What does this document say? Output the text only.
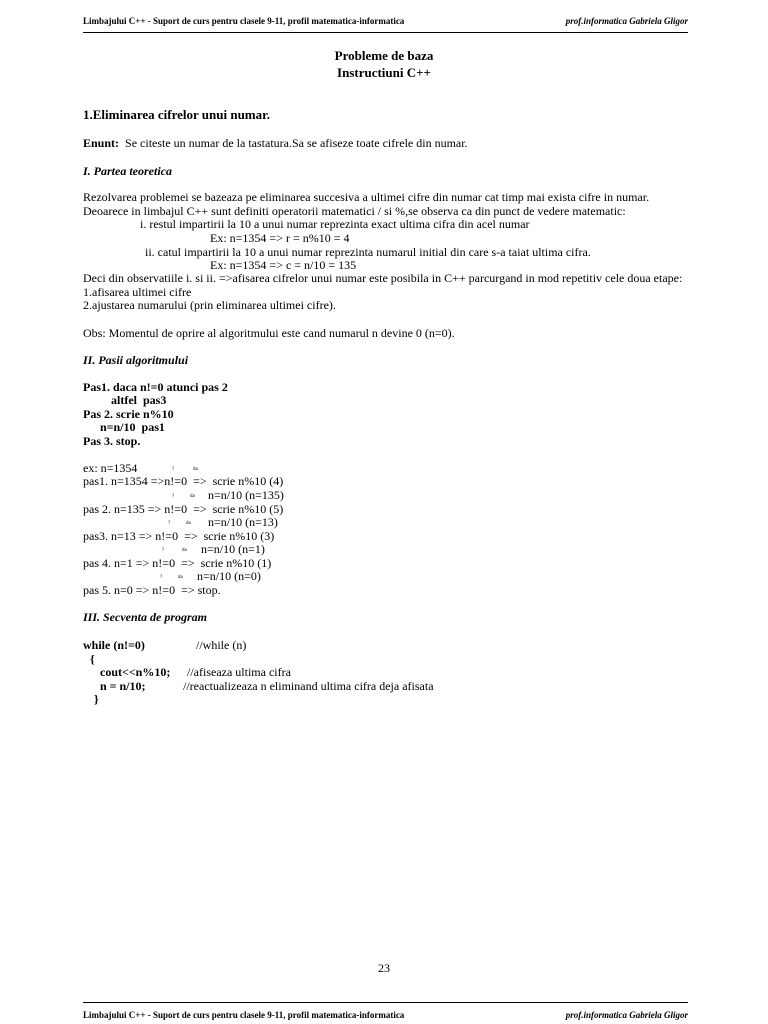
Limbajului C++ - Suport de curs pentru clasele 9-11, profil matematica-informatica	prof.informatica Gabriela Gligor
Probleme de baza
Instructiuni C++
1.Eliminarea cifrelor unui numar.
Enunt: Se citeste un numar de la tastatura.Sa se afiseze toate cifrele din numar.
I. Partea teoretica
Rezolvarea problemei se bazeaza pe eliminarea succesiva a ultimei cifre din numar cat timp mai exista cifre in numar.
Deoarece in limbajul C++ sunt definiti operatorii matematici / si %,se observa ca din punct de vedere matematic:
i. restul impartirii la 10 a unui numar reprezinta exact ultima cifra din acel numar
Ex: n=1354 => r = n%10 = 4
ii. catul impartirii la 10 a unui numar reprezinta numarul initial din care s-a taiat ultima cifra.
Ex: n=1354 => c = n/10 = 135
Deci din observatiile i. si ii. =>afisarea cifrelor unui numar este posibila in C++ parcurgand in mod repetitiv cele doua etape:
1.afisarea ultimei cifre
2.ajustarea numarului (prin eliminarea ultimei cifre).
Obs: Momentul de oprire al algoritmului este cand numarul n devine 0 (n=0).
II. Pasii algoritmului
Pas1. daca n!=0 atunci pas 2
altfel  pas3
Pas 2. scrie n%10
n=n/10  pas1
Pas 3. stop.
ex: n=1354
pas1. n=1354 =>n!=0  =>  scrie n%10 (4)
n=n/10 (n=135)
pas 2. n=135 => n!=0  =>  scrie n%10 (5)
n=n/10 (n=13)
pas3. n=13 => n!=0  =>  scrie n%10 (3)
n=n/10 (n=1)
pas 4. n=1 => n!=0  =>  scrie n%10 (1)
n=n/10 (n=0)
pas 5. n=0 => n!=0  => stop.
?	da
?	da
?	da
?	da
?	da
III. Secventa de program
while (n!=0)	//while (n)
{
cout<<n%10; //afiseaza ultima cifra
n = n/10;	//reactualizeaza n eliminand ultima cifra deja afisata
}
23
Limbajului C++ - Suport de curs pentru clasele 9-11, profil matematica-informatica	prof.informatica Gabriela Gligor
